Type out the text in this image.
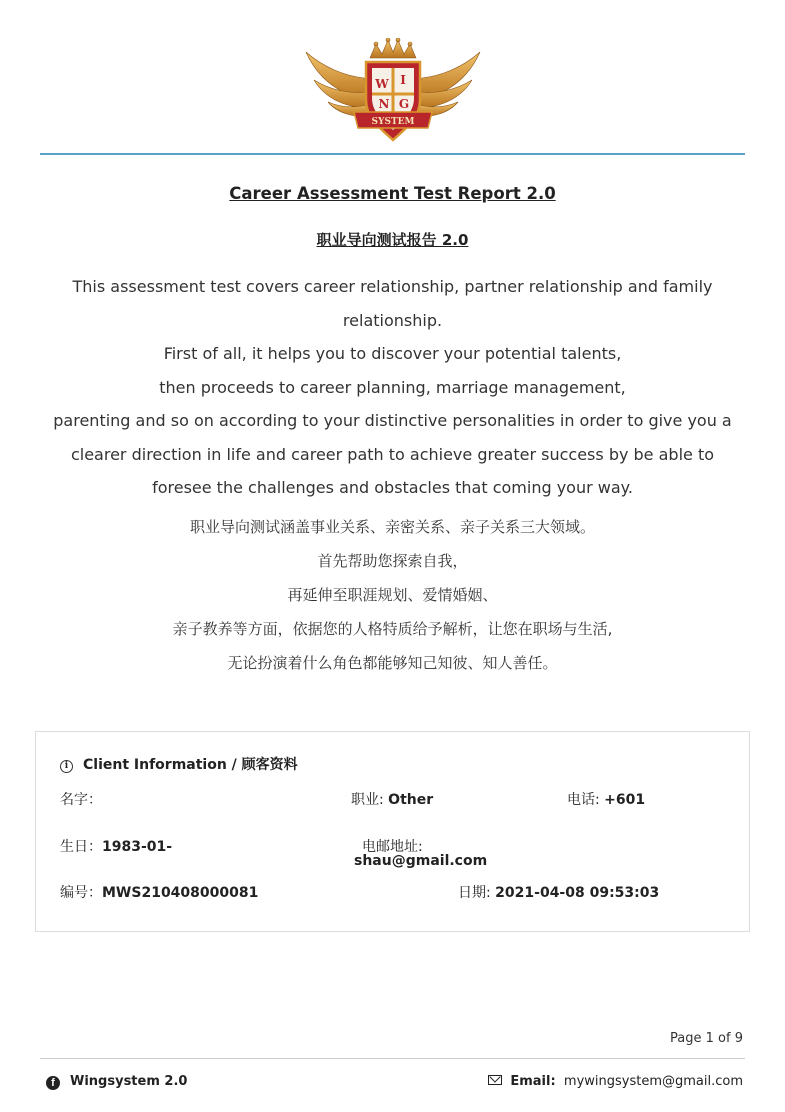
W I
N G
SYSTEM
Career Assessment Test Report 2.0
职业导向测试报告 2.0
This assessment test covers career relationship, partner relationship and family
relationship.
First of all, it helps you to discover your potential talents,
then proceeds to career planning, marriage management,
parenting and so on according to your distinctive personalities in order to give you a
clearer direction in life and career path to achieve greater success by be able to
foresee the challenges and obstacles that coming your way.
职业导向测试涵盖事业关系、亲密关系、亲子关系三大领域。
首先帮助您探索自我，
再延伸至职涯规划、爱情婚姻、
亲子教养等方面，依据您的人格特质给予解析，让您在职场与生活,
无论扮演着什么角色都能够知己知彼、知人善任。
i Client Information / 顾客资料
名字：	职业: Other	电话: +601
生日：1983-01-	电邮地址:
shau@gmail.com
编号：MWS210408000081	日期: 2021-04-08 09:53:03
Page 1 of 9
f Wingsystem 2.0	Email: mywingsystem@gmail.com
